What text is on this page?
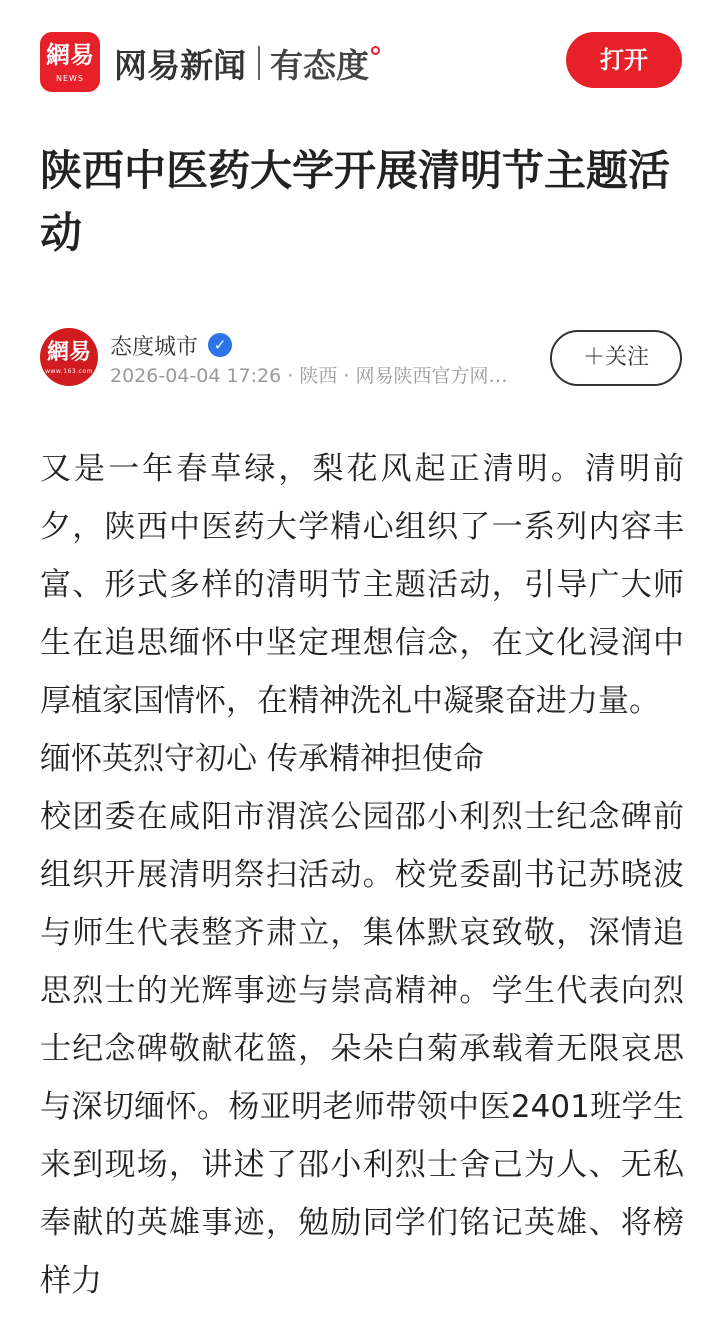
網易
NEWS 网易新闻 有态度	打开
陕西中医药大学开展清明节主题活动
網易
www.163.com
态度城市	✓
2026-04-04 17:26 · 陕西 · 网易陕西官方网…
＋关注

又是一年春草绿，梨花风起正清明。清明前夕，陕西中医药大学精心组织了一系列内容丰富、形式多样的清明节主题活动，引导广大师生在追思缅怀中坚定理想信念，在文化浸润中厚植家国情怀，在精神洗礼中凝聚奋进力量。

缅怀英烈守初心 传承精神担使命

校团委在咸阳市渭滨公园邵小利烈士纪念碑前组织开展清明祭扫活动。校党委副书记苏晓波与师生代表整齐肃立，集体默哀致敬，深情追思烈士的光辉事迹与崇高精神。学生代表向烈士纪念碑敬献花篮，朵朵白菊承载着无限哀思与深切缅怀。杨亚明老师带领中医2401班学生来到现场，讲述了邵小利烈士舍己为人、无私奉献的英雄事迹，勉励同学们铭记英雄、将榜样力
